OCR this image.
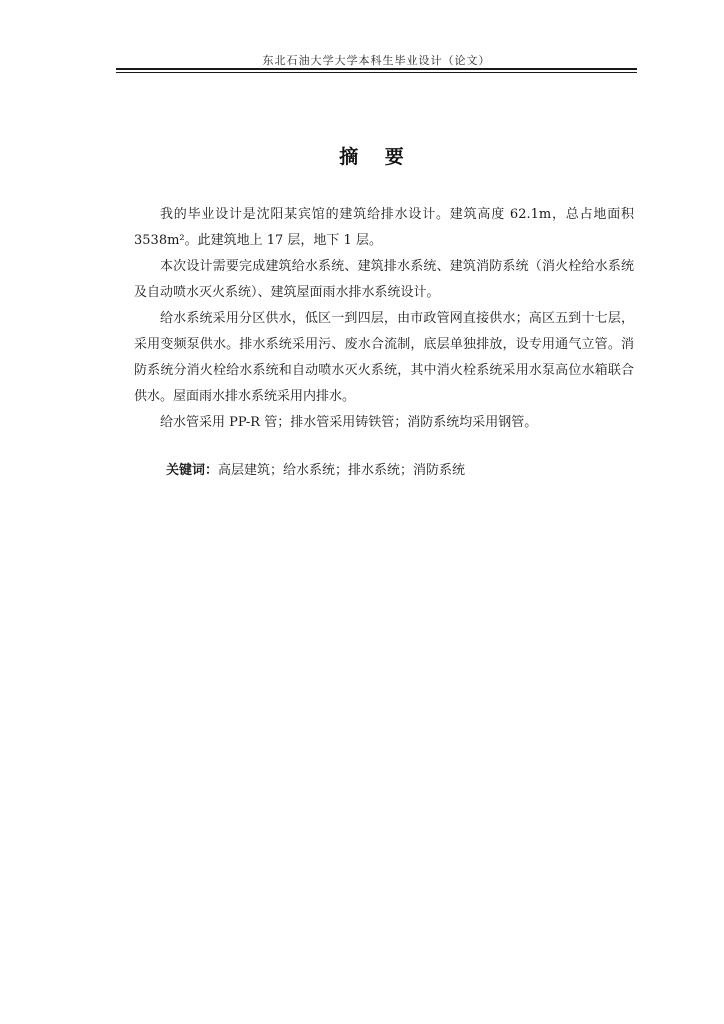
东北石油大学大学本科生毕业设计（论文）
摘 要

我的毕业设计是沈阳某宾馆的建筑给排水设计。建筑高度 62.1m，总占地面积 3538m²。此建筑地上 17 层，地下 1 层。

本次设计需要完成建筑给水系统、建筑排水系统、建筑消防系统（消火栓给水系统及自动喷水灭火系统）、建筑屋面雨水排水系统设计。

给水系统采用分区供水，低区一到四层，由市政管网直接供水；高区五到十七层，采用变频泵供水。排水系统采用污、废水合流制，底层单独排放，设专用通气立管。消防系统分消火栓给水系统和自动喷水灭火系统，其中消火栓系统采用水泵高位水箱联合供水。屋面雨水排水系统采用内排水。

给水管采用 PP-R 管；排水管采用铸铁管；消防系统均采用钢管。

关键词：高层建筑；给水系统；排水系统；消防系统
